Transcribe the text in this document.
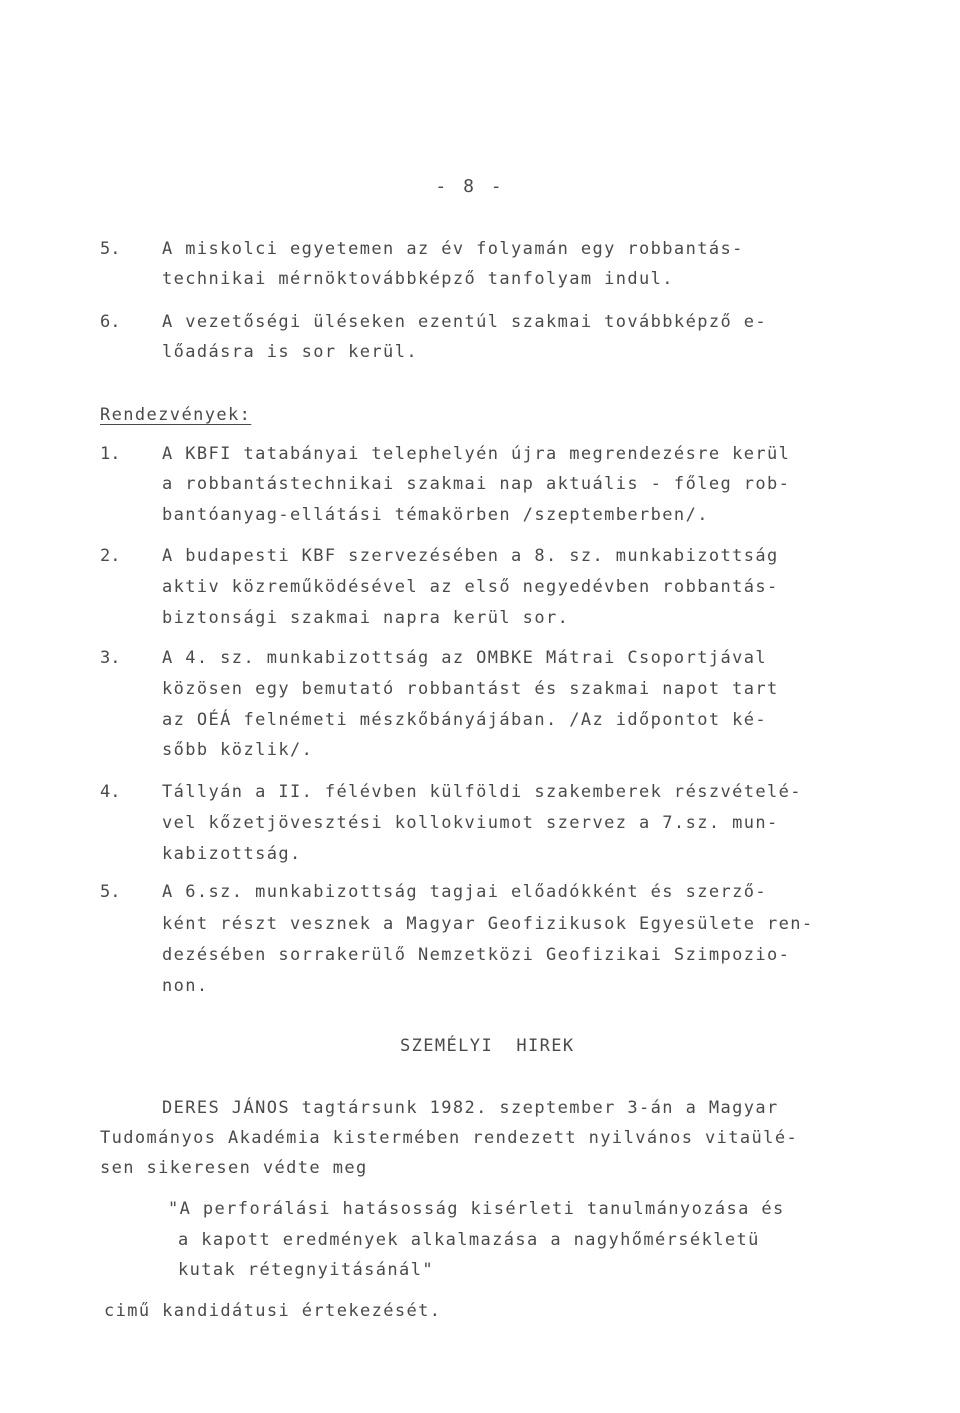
- 8 -
5. A miskolci egyetemen az év folyamán egy robbantás-
technikai mérnöktovábbképző tanfolyam indul.
6. A vezetőségi üléseken ezentúl szakmai továbbképző e-
lőadásra is sor kerül.
Rendezvények:
1. A KBFI tatabányai telephelyén újra megrendezésre kerül
a robbantástechnikai szakmai nap aktuális - főleg rob-
bantóanyag-ellátási témakörben /szeptemberben/.
2. A budapesti KBF szervezésében a 8. sz. munkabizottság
aktiv közreműködésével az első negyedévben robbantás-
biztonsági szakmai napra kerül sor.
3. A 4. sz. munkabizottság az OMBKE Mátrai Csoportjával
közösen egy bemutató robbantást és szakmai napot tart
az OÉÁ felnémeti mészkőbányájában. /Az időpontot ké-
sőbb közlik/.
4. Tállyán a II. félévben külföldi szakemberek részvételé-
vel kőzetjövesztési kollokviumot szervez a 7.sz. mun-
kabizottság.
5. A 6.sz. munkabizottság tagjai előadókként és szerző-
ként részt vesznek a Magyar Geofizikusok Egyesülete ren-
dezésében sorrakerülő Nemzetközi Geofizikai Szimpozio-
non.
SZEMÉLYI  HIREK
DERES JÁNOS tagtársunk 1982. szeptember 3-án a Magyar
Tudományos Akadémia kistermében rendezett nyilvános vitaülé-
sen sikeresen védte meg
"A perforálási hatásosság kisérleti tanulmányozása és
a kapott eredmények alkalmazása a nagyhőmérsékletü
kutak rétegnyitásánál"
cimű kandidátusi értekezését.
